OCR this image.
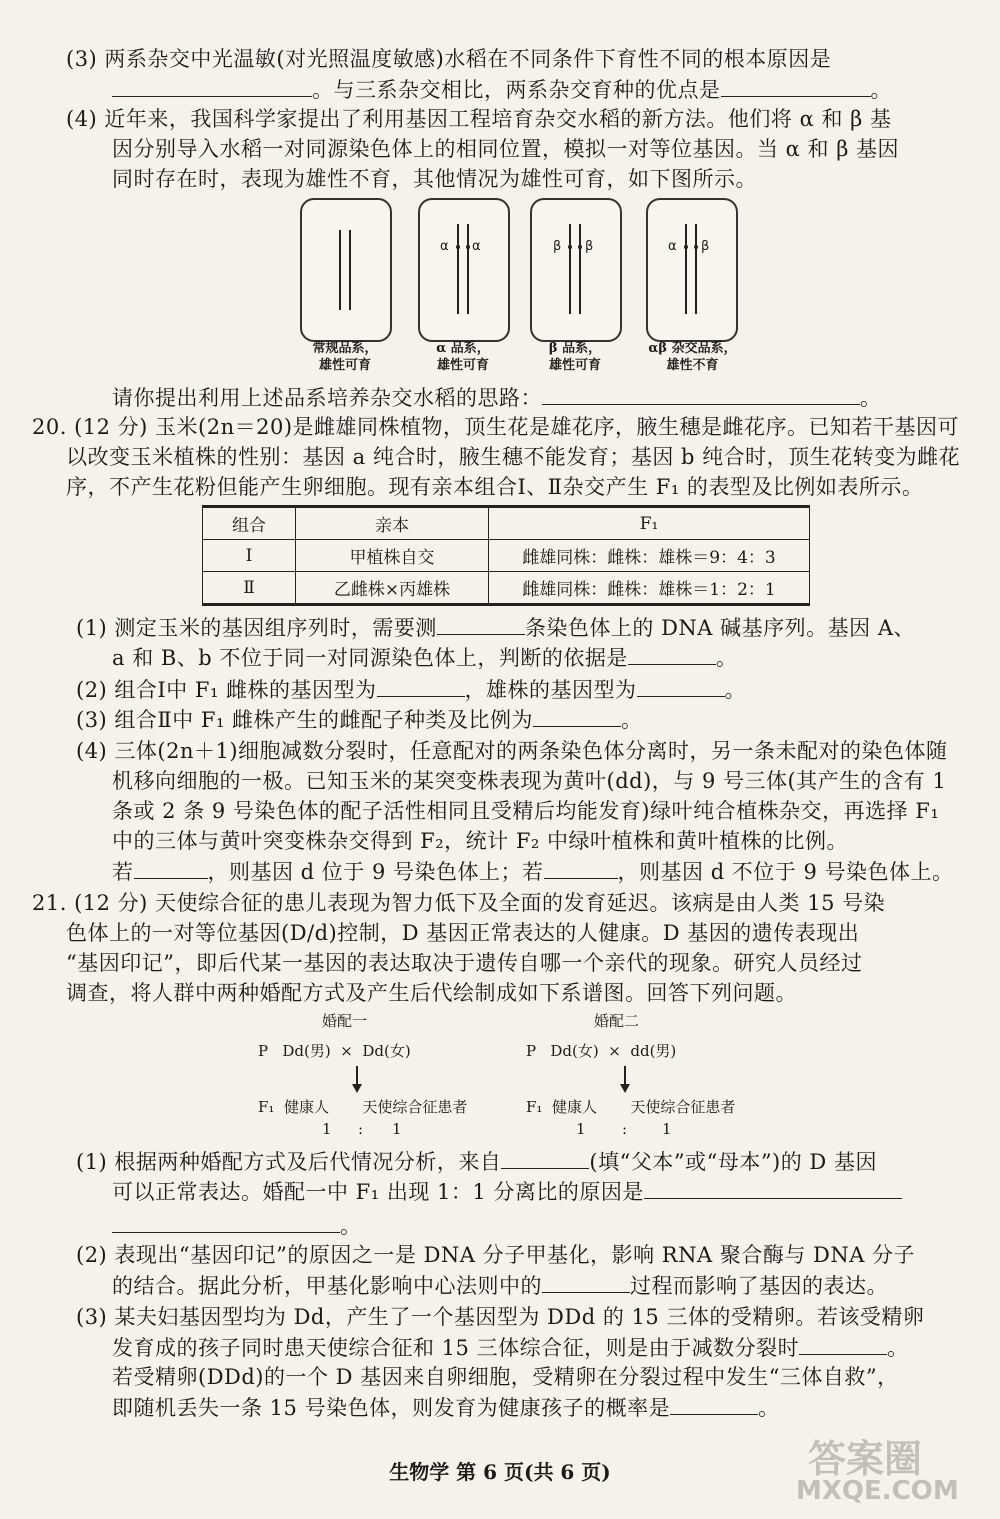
(3) 两系杂交中光温敏(对光照温度敏感)水稻在不同条件下育性不同的根本原因是
。与三系杂交相比，两系杂交育种的优点是	。
(4) 近年来，我国科学家提出了利用基因工程培育杂交水稻的新方法。他们将 α 和 β 基
因分别导入水稻一对同源染色体上的相同位置，模拟一对等位基因。当 α 和 β 基因
同时存在时，表现为雄性不育，其他情况为雄性可育，如下图所示。
常规品系，
雄性可育
α α
α 品系，
雄性可育
β β
β 品系，
雄性可育
α β
αβ 杂交品系，
雄性不育
请你提出利用上述品系培养杂交水稻的思路：	。
20. (12 分) 玉米(2n＝20)是雌雄同株植物，顶生花是雄花序，腋生穗是雌花序。已知若干基因可
以改变玉米植株的性别：基因 a 纯合时，腋生穗不能发育；基因 b 纯合时，顶生花转变为雌花
序，不产生花粉但能产生卵细胞。现有亲本组合Ⅰ、Ⅱ杂交产生 F₁ 的表型及比例如表所示。
组合	亲本	F₁
Ⅰ	甲植株自交	雌雄同株：雌株：雄株＝9：4：3
Ⅱ	乙雌株×丙雄株	雌雄同株：雌株：雄株＝1：2：1
(1) 测定玉米的基因组序列时，需要测	条染色体上的 DNA 碱基序列。基因 A、
a 和 B、b 不位于同一对同源染色体上，判断的依据是	。
(2) 组合Ⅰ中 F₁ 雌株的基因型为	，雄株的基因型为	。
(3) 组合Ⅱ中 F₁ 雌株产生的雌配子种类及比例为	。
(4) 三体(2n＋1)细胞减数分裂时，任意配对的两条染色体分离时，另一条未配对的染色体随
机移向细胞的一极。已知玉米的某突变株表现为黄叶(dd)，与 9 号三体(其产生的含有 1
条或 2 条 9 号染色体的配子活性相同且受精后均能发育)绿叶纯合植株杂交，再选择 F₁
中的三体与黄叶突变株杂交得到 F₂，统计 F₂ 中绿叶植株和黄叶植株的比例。
若	，则基因 d 位于 9 号染色体上；若	，则基因 d 不位于 9 号染色体上。
21. (12 分) 天使综合征的患儿表现为智力低下及全面的发育延迟。该病是由人类 15 号染
色体上的一对等位基因(D/d)控制，D 基因正常表达的人健康。D 基因的遗传表现出
“基因印记”，即后代某一基因的表达取决于遗传自哪一个亲代的现象。研究人员经过
调查，将人群中两种婚配方式及产生后代绘制成如下系谱图。回答下列问题。
婚配一
P   Dd(男)  ×  Dd(女)
F₁  健康人       天使综合征患者
1 : 1
婚配二
P   Dd(女)  ×  dd(男)
F₁  健康人       天使综合征患者
1 : 1
(1) 根据两种婚配方式及后代情况分析，来自	(填“父本”或“母本”)的 D 基因
可以正常表达。婚配一中 F₁ 出现 1：1 分离比的原因是
。
(2) 表现出“基因印记”的原因之一是 DNA 分子甲基化，影响 RNA 聚合酶与 DNA 分子
的结合。据此分析，甲基化影响中心法则中的	过程而影响了基因的表达。
(3) 某夫妇基因型均为 Dd，产生了一个基因型为 DDd 的 15 三体的受精卵。若该受精卵
发育成的孩子同时患天使综合征和 15 三体综合征，则是由于减数分裂时	。
若受精卵(DDd)的一个 D 基因来自卵细胞，受精卵在分裂过程中发生“三体自救”，
即随机丢失一条 15 号染色体，则发育为健康孩子的概率是	。
生物学 第 6 页(共 6 页)	答案圈
MXQE.COM
